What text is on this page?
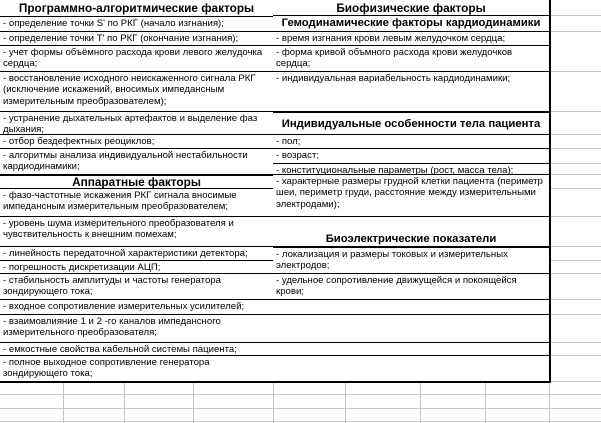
Программно-алгоритмические факторы
- определение точки S' по РКГ (начало изгнания);
- определение точки T' по РКГ (окончание изгнания);
- учет формы объёмного расхода крови левого желудочка сердца;
- восстановление исходного неискаженного сигнала РКГ (исключение искажений, вносимых импедансным измерительным преобразователем);
- устранение дыхательных артефактов и выделение фаз дыхания;
- отбор бездефектных реоциклов;
- алгоритмы анализа индивидуальной нестабильности кардиодинамики;
Аппаратные факторы
- фазо-частотные искажения РКГ сигнала вносимые импедансным измерительным преобразователем;
- уровень шума измерительного преобразователя и чувствительность к внешним помехам;
- линейность передаточной характеристики детектора;
- погрешность дискретизации АЦП;
- стабильность амплитуды и частоты генератора зондирующего тока;
- входное сопротивление измерительных усилителей;
- взаимовлияние 1 и 2 -го каналов импедансного измерительного преобразователя;
- емкостные свойства кабельной системы пациента;
- полное выходное сопротивление генератора зондирующего тока;
Биофизические факторы
Гемодинамические факторы кардиодинамики
- время изгнания крови левым желудочком сердца;
- форма кривой объмного расхода крови желудочков сердца;
- индивидуальная вариабельность кардиодинамики;
Индивидуальные особенности тела пациента
- пол;
- возраст;
- конституциональные параметры (рост, масса тела);
- характерные размеры грудной клетки пациента (периметр шеи, периметр груди, расстояние между измерительными электродами);
Биоэлектрические показатели
- локализация и размеры токовых и измерительных электродов;
- удельное сопротивление движущейся и покоящейся крови;
